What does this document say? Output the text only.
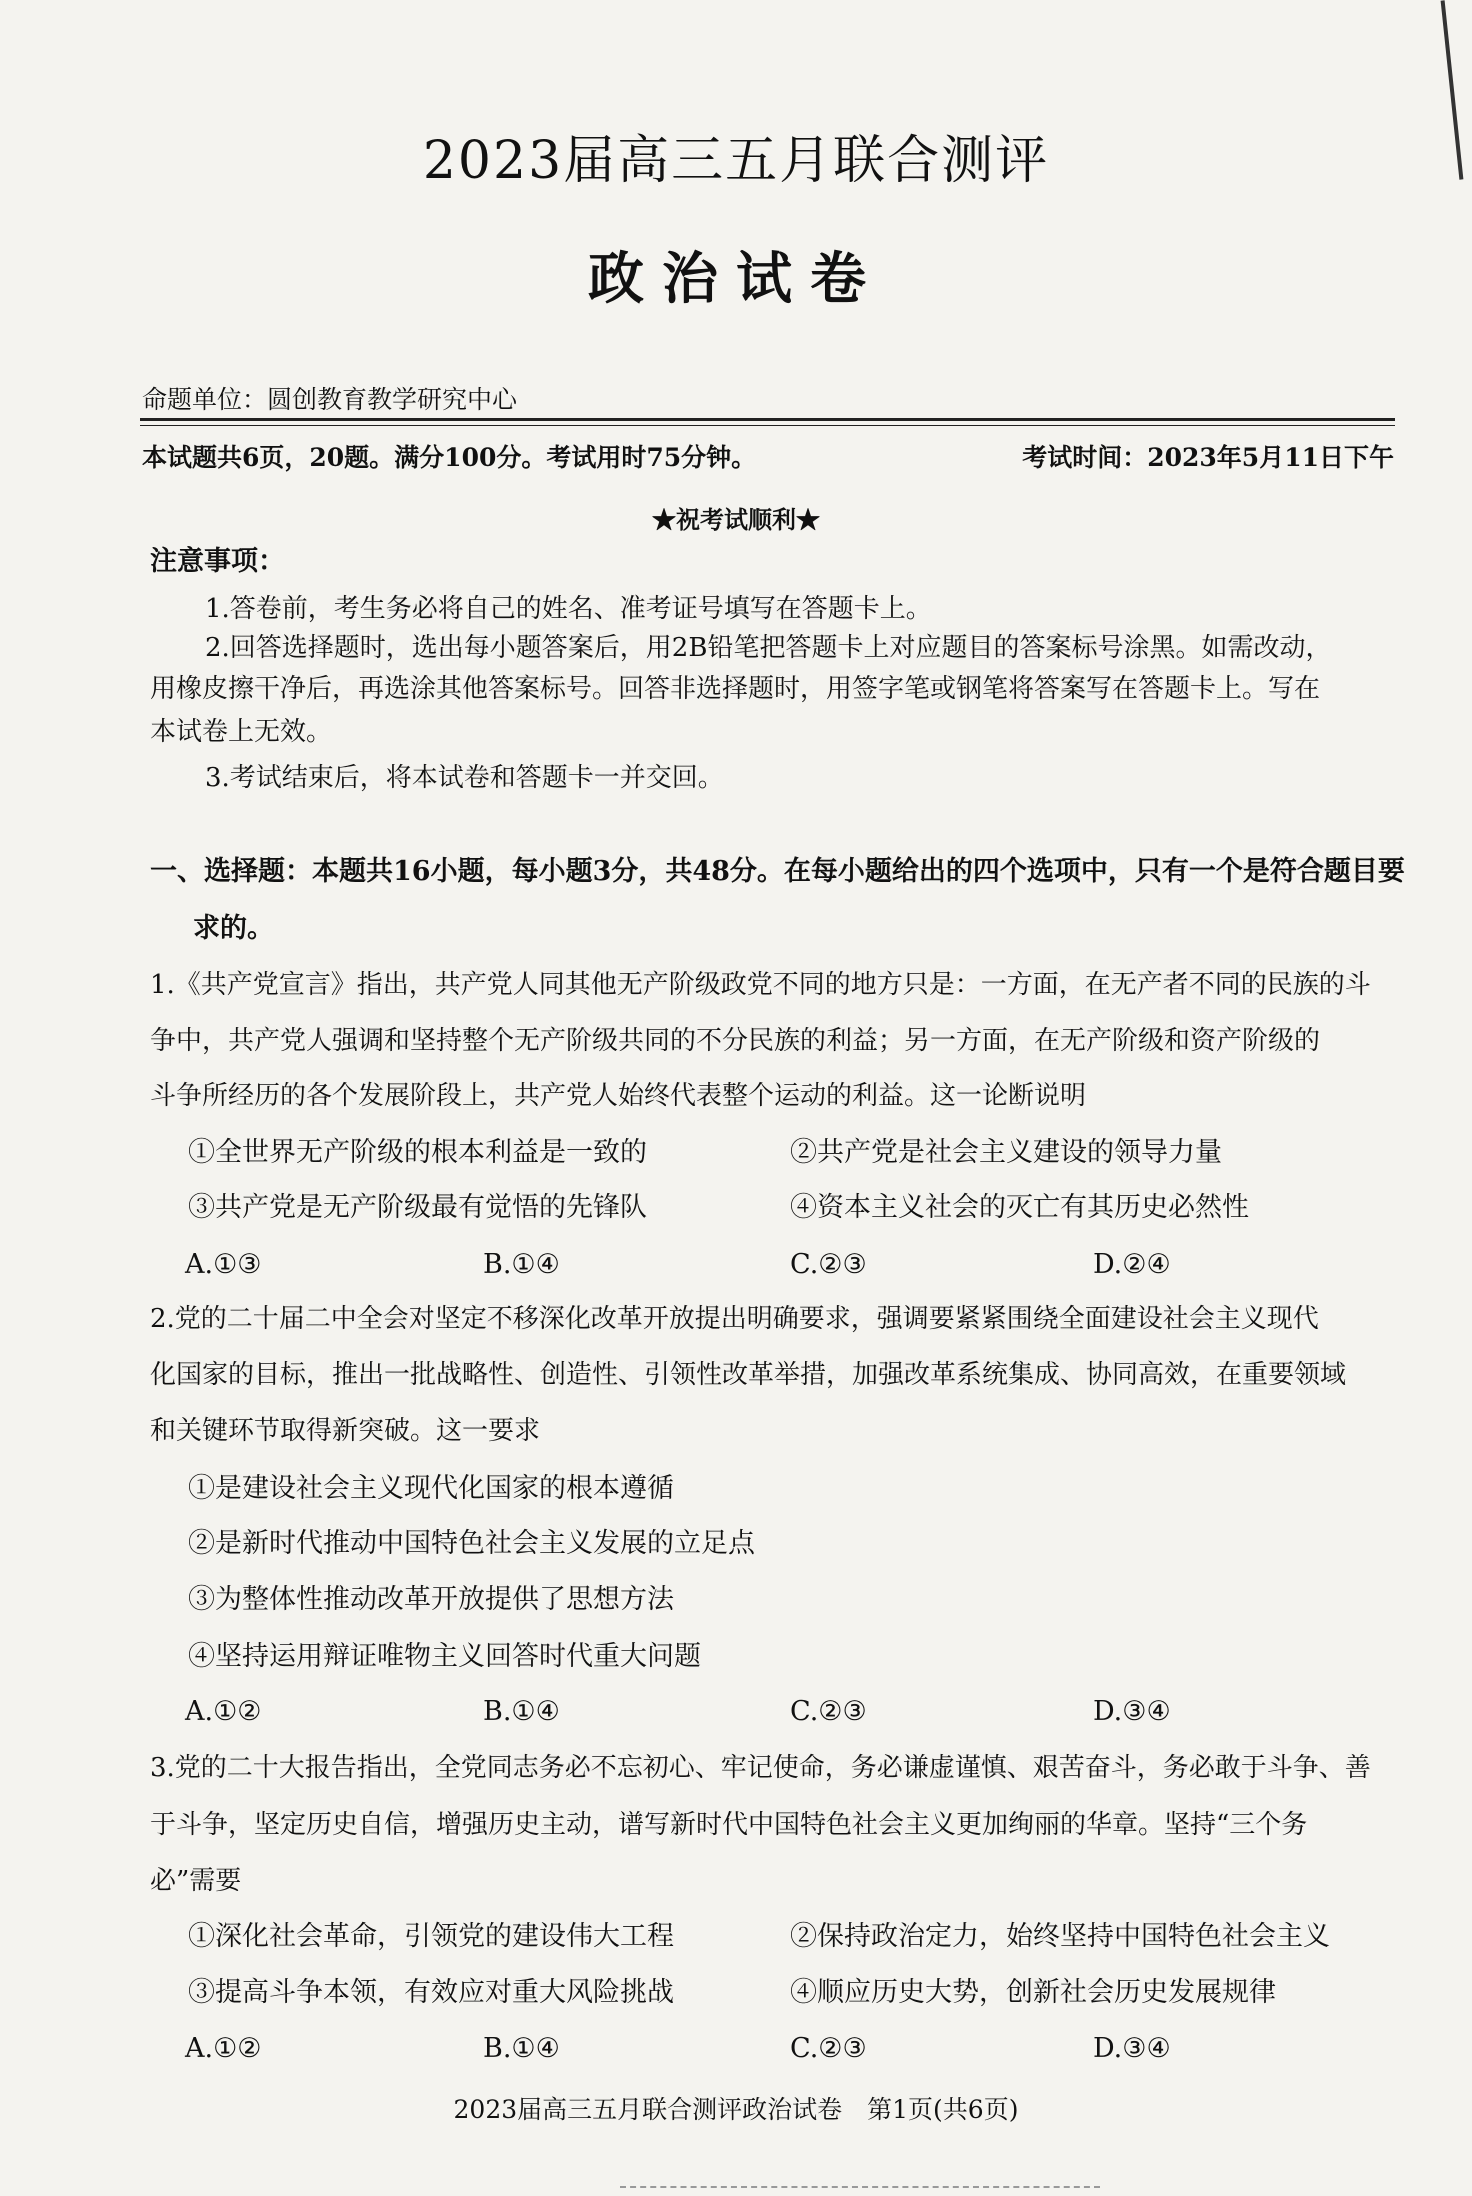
2023届高三五月联合测评
政治试卷
命题单位：圆创教育教学研究中心
本试题共6页，20题。满分100分。考试用时75分钟。	考试时间：2023年5月11日下午
★祝考试顺利★
注意事项：
1.答卷前，考生务必将自己的姓名、准考证号填写在答题卡上。
2.回答选择题时，选出每小题答案后，用2B铅笔把答题卡上对应题目的答案标号涂黑。如需改动，
用橡皮擦干净后，再选涂其他答案标号。回答非选择题时，用签字笔或钢笔将答案写在答题卡上。写在
本试卷上无效。
3.考试结束后，将本试卷和答题卡一并交回。
一、选择题：本题共16小题，每小题3分，共48分。在每小题给出的四个选项中，只有一个是符合题目要
求的。
1.《共产党宣言》指出，共产党人同其他无产阶级政党不同的地方只是：一方面，在无产者不同的民族的斗
争中，共产党人强调和坚持整个无产阶级共同的不分民族的利益；另一方面，在无产阶级和资产阶级的
斗争所经历的各个发展阶段上，共产党人始终代表整个运动的利益。这一论断说明
①全世界无产阶级的根本利益是一致的	②共产党是社会主义建设的领导力量
③共产党是无产阶级最有觉悟的先锋队	④资本主义社会的灭亡有其历史必然性
A.①③	B.①④	C.②③	D.②④
2.党的二十届二中全会对坚定不移深化改革开放提出明确要求，强调要紧紧围绕全面建设社会主义现代
化国家的目标，推出一批战略性、创造性、引领性改革举措，加强改革系统集成、协同高效，在重要领域
和关键环节取得新突破。这一要求
①是建设社会主义现代化国家的根本遵循
②是新时代推动中国特色社会主义发展的立足点
③为整体性推动改革开放提供了思想方法
④坚持运用辩证唯物主义回答时代重大问题
A.①②	B.①④	C.②③	D.③④
3.党的二十大报告指出，全党同志务必不忘初心、牢记使命，务必谦虚谨慎、艰苦奋斗，务必敢于斗争、善
于斗争，坚定历史自信，增强历史主动，谱写新时代中国特色社会主义更加绚丽的华章。坚持“三个务
必”需要
①深化社会革命，引领党的建设伟大工程	②保持政治定力，始终坚持中国特色社会主义
③提高斗争本领，有效应对重大风险挑战	④顺应历史大势，创新社会历史发展规律
A.①②	B.①④	C.②③	D.③④
2023届高三五月联合测评政治试卷　第1页(共6页)
